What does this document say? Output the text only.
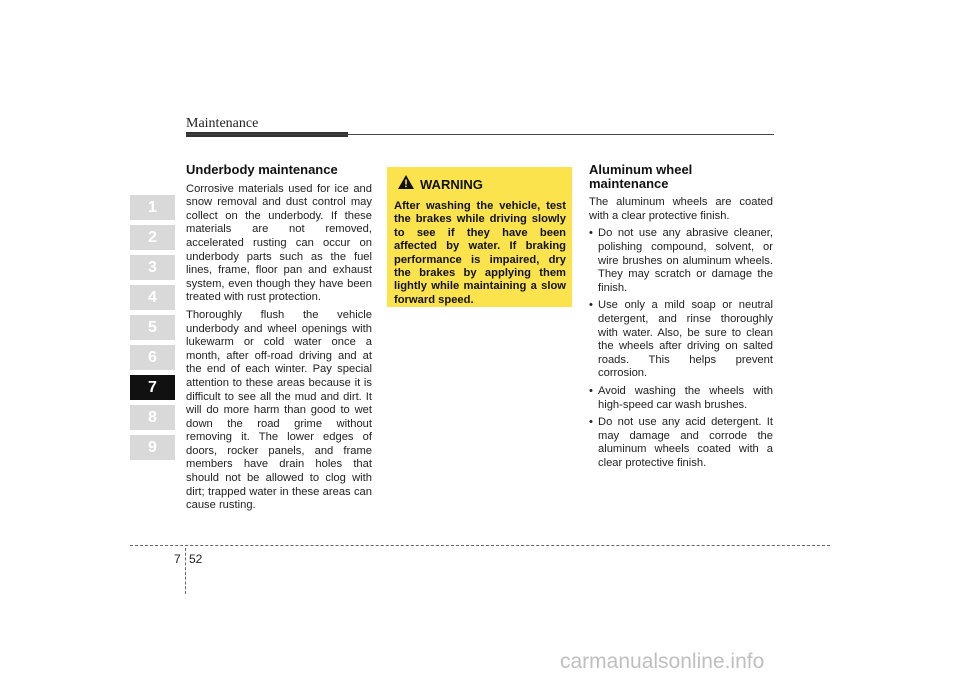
Maintenance
1
2
3
4
5
6
7
8
9
Underbody maintenance

Corrosive materials used for ice and snow removal and dust control may collect on the underbody. If these materials are not removed, accelerated rusting can occur on underbody parts such as the fuel lines, frame, floor pan and exhaust system, even though they have been treated with rust protection.

Thoroughly flush the vehicle underbody and wheel openings with lukewarm or cold water once a month, after off-road driving and at the end of each winter. Pay special attention to these areas because it is difficult to see all the mud and dirt. It will do more harm than good to wet down the road grime without removing it. The lower edges of doors, rocker panels, and frame members have drain holes that should not be allowed to clog with dirt; trapped water in these areas can cause rusting.

WARNING

After washing the vehicle, test the brakes while driving slowly to see if they have been affected by water. If braking performance is impaired, dry the brakes by applying them lightly while maintaining a slow forward speed.

Aluminum wheel maintenance

The aluminum wheels are coated with a clear protective finish.

• Do not use any abrasive cleaner, polishing compound, solvent, or wire brushes on aluminum wheels. They may scratch or damage the finish.
• Use only a mild soap or neutral detergent, and rinse thoroughly with water. Also, be sure to clean the wheels after driving on salted roads. This helps prevent corrosion.
• Avoid washing the wheels with high-speed car wash brushes.
• Do not use any acid detergent. It may damage and corrode the aluminum wheels coated with a clear protective finish.
7 52
carmanualsonline.info
